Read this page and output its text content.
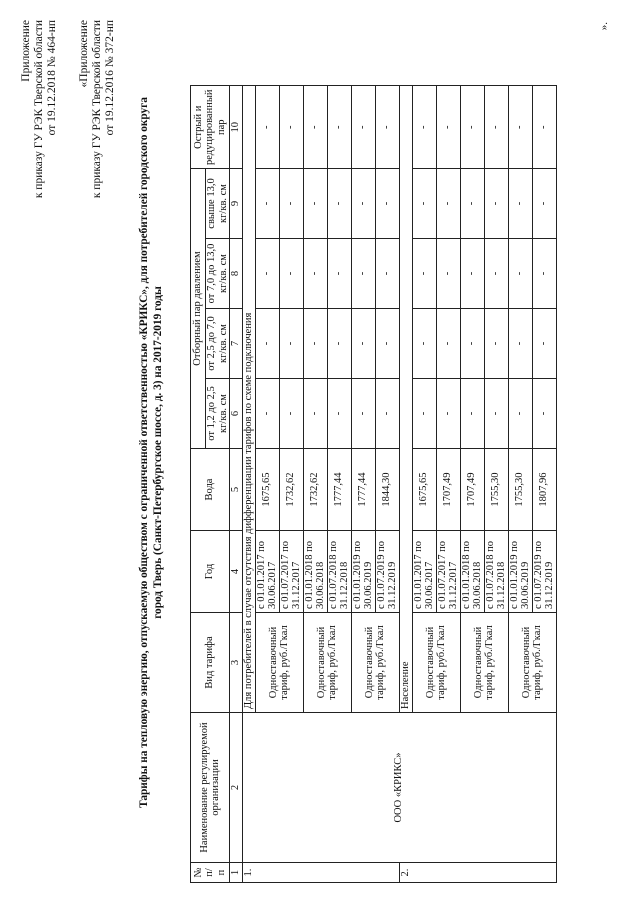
Приложение к приказу ГУ РЭК Тверской области от 19.12.2018 № 464-нп «Приложение к приказу ГУ РЭК Тверской области от 19.12.2016 № 372-нп
Тарифы на тепловую энергию, отпускаемую обществом с ограниченной ответственностью «КРИКС», для потребителей городского округа город Тверь (Санкт-Петербургское шоссе, д. 3) на 2017-2019 годы
№ п/п	Наименование регулируемой организации	Вид тарифа	Год	Вода	Отборный пар давлением				Острый и редуцированный пар
					от 1,2 до 2,5 кг/кв. см	от 2,5 до 7,0 кг/кв. см	от 7,0 до 13,0 кг/кв. см	свыше 13,0 кг/кв. см	
1	2	3	4	5	6	7	8	9	10
1.	ООО «КРИКС»	Для потребителей в случае отсутствия дифференциации тарифов по схеме подключения							
		Одноставочный тариф, руб./Гкал	с 01.01.2017 по 30.06.2017	1675,65	-	-	-	-	-
			с 01.07.2017 по 31.12.2017	1732,62	-	-	-	-	-
		Одноставочный тариф, руб./Гкал	с 01.01.2018 по 30.06.2018	1732,62	-	-	-	-	-
			с 01.07.2018 по 31.12.2018	1777,44	-	-	-	-	-
		Одноставочный тариф, руб./Гкал	с 01.01.2019 по 30.06.2019	1777,44	-	-	-	-	-
			с 01.07.2019 по 31.12.2019	1844,30	-	-	-	-	-
2.		Население							
		Одноставочный тариф, руб./Гкал	с 01.01.2017 по 30.06.2017	1675,65	-	-	-	-	-
			с 01.07.2017 по 31.12.2017	1707,49	-	-	-	-	-
		Одноставочный тариф, руб./Гкал	с 01.01.2018 по 30.06.2018	1707,49	-	-	-	-	-
			с 01.07.2018 по 31.12.2018	1755,30	-	-	-	-	-
		Одноставочный тариф, руб./Гкал	с 01.01.2019 по 30.06.2019	1755,30	-	-	-	-	-
			с 01.07.2019 по 31.12.2019	1807,96	-	-	-	-	-
».
